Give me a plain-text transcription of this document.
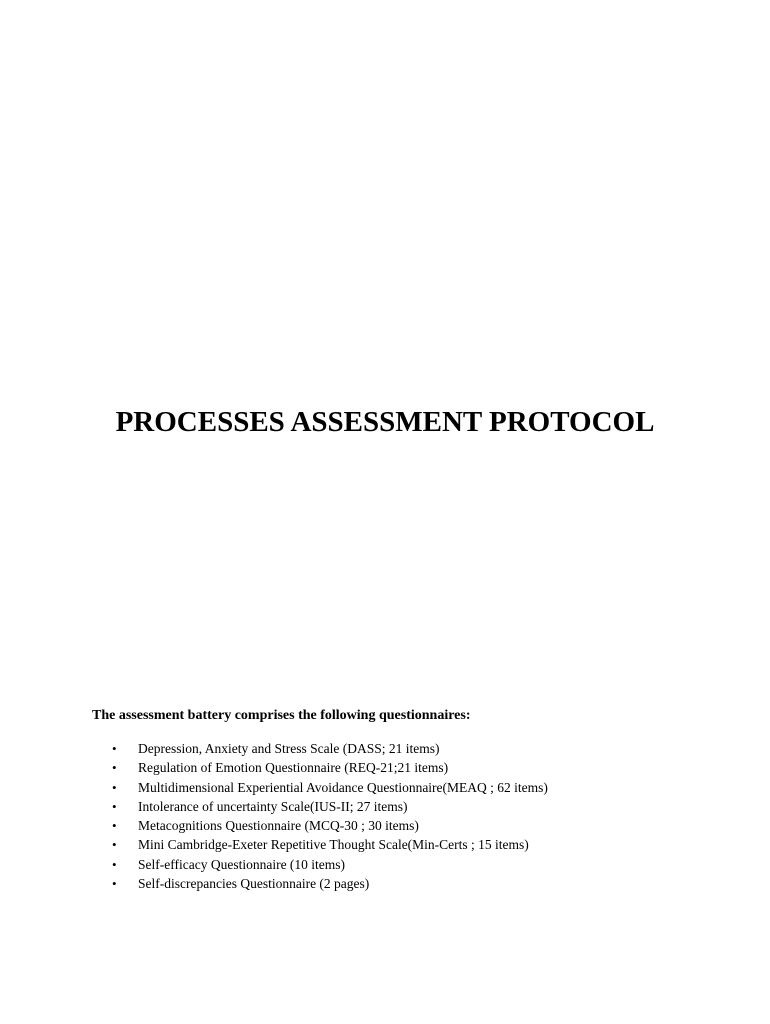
PROCESSES ASSESSMENT PROTOCOL
The assessment battery comprises the following questionnaires:
•	Depression, Anxiety and Stress Scale (DASS; 21 items)
•	Regulation of Emotion Questionnaire (REQ-21;21 items)
•	Multidimensional Experiential Avoidance Questionnaire(MEAQ ; 62 items)
•	Intolerance of uncertainty Scale(IUS-II; 27 items)
•	Metacognitions Questionnaire (MCQ-30 ; 30 items)
•	Mini Cambridge-Exeter Repetitive Thought Scale(Min-Certs ; 15 items)
•	Self-efficacy Questionnaire (10 items)
•	Self-discrepancies Questionnaire (2 pages)
